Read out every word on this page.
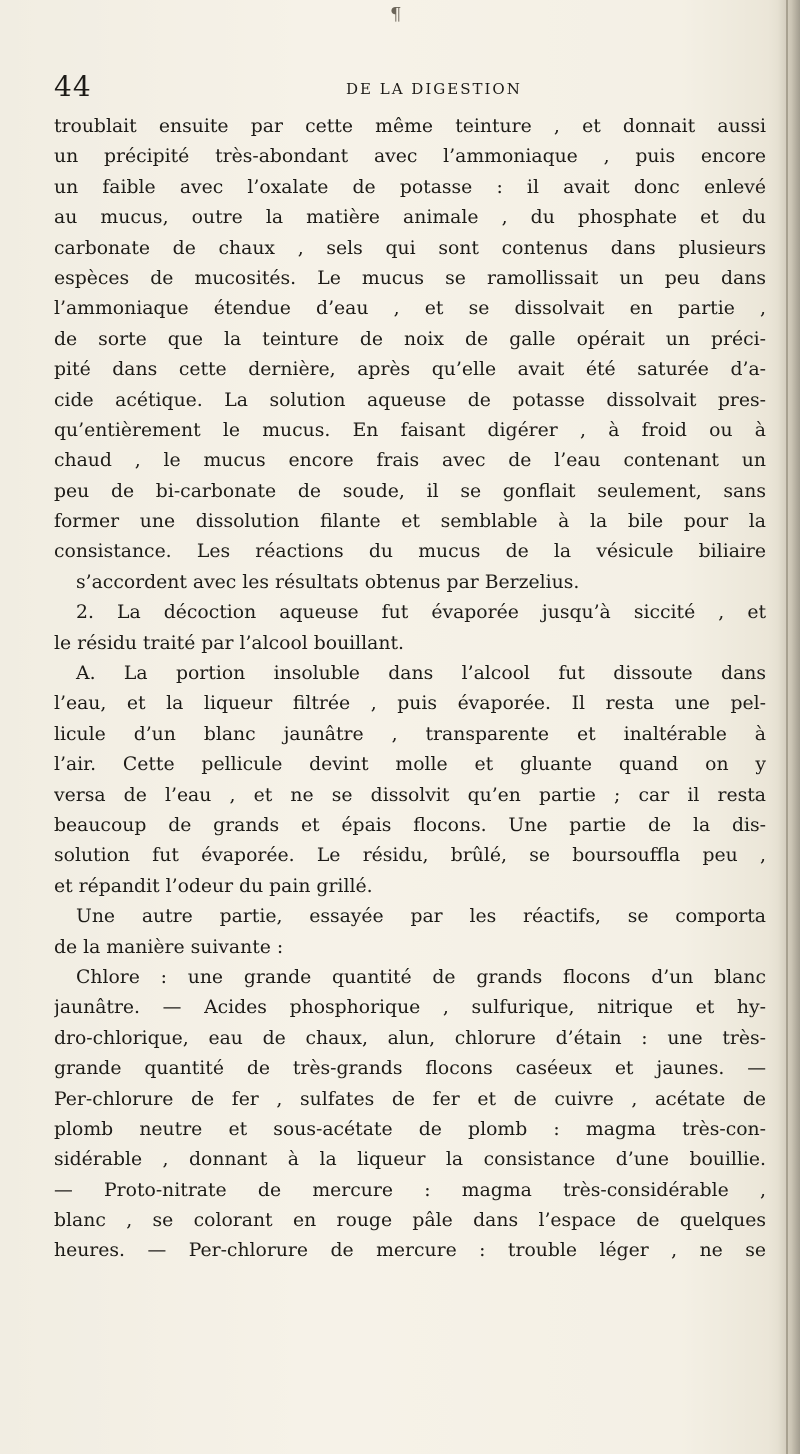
¶
44	DE LA DIGESTION
troublait ensuite par cette même teinture , et donnait aussi
un précipité très-abondant avec l’ammoniaque , puis encore
un faible avec l’oxalate de potasse : il avait donc enlevé
au mucus, outre la matière animale , du phosphate et du
carbonate de chaux , sels qui sont contenus dans plusieurs
espèces de mucosités. Le mucus se ramollissait un peu dans
l’ammoniaque étendue d’eau , et se dissolvait en partie ,
de sorte que la teinture de noix de galle opérait un préci-
pité dans cette dernière, après qu’elle avait été saturée d’a-
cide acétique. La solution aqueuse de potasse dissolvait pres-
qu’entièrement le mucus. En faisant digérer , à froid ou à
chaud , le mucus encore frais avec de l’eau contenant un
peu de bi-carbonate de soude, il se gonflait seulement, sans
former une dissolution filante et semblable à la bile pour la
consistance. Les réactions du mucus de la vésicule biliaire
s’accordent avec les résultats obtenus par Berzelius.
2. La décoction aqueuse fut évaporée jusqu’à siccité , et
le résidu traité par l’alcool bouillant.
A. La portion insoluble dans l’alcool fut dissoute dans
l’eau, et la liqueur filtrée , puis évaporée. Il resta une pel-
licule d’un blanc jaunâtre , transparente et inaltérable à
l’air. Cette pellicule devint molle et gluante quand on y
versa de l’eau , et ne se dissolvit qu’en partie ; car il resta
beaucoup de grands et épais flocons. Une partie de la dis-
solution fut évaporée. Le résidu, brûlé, se boursouffla peu ,
et répandit l’odeur du pain grillé.
Une autre partie, essayée par les réactifs, se comporta
de la manière suivante :
Chlore : une grande quantité de grands flocons d’un blanc
jaunâtre. — Acides phosphorique , sulfurique, nitrique et hy-
dro-chlorique, eau de chaux, alun, chlorure d’étain : une très-
grande quantité de très-grands flocons caséeux et jaunes. —
Per-chlorure de fer , sulfates de fer et de cuivre , acétate de
plomb neutre et sous-acétate de plomb : magma très-con-
sidérable , donnant à la liqueur la consistance d’une bouillie.
— Proto-nitrate de mercure : magma très-considérable ,
blanc , se colorant en rouge pâle dans l’espace de quelques
heures. — Per-chlorure de mercure : trouble léger , ne se
